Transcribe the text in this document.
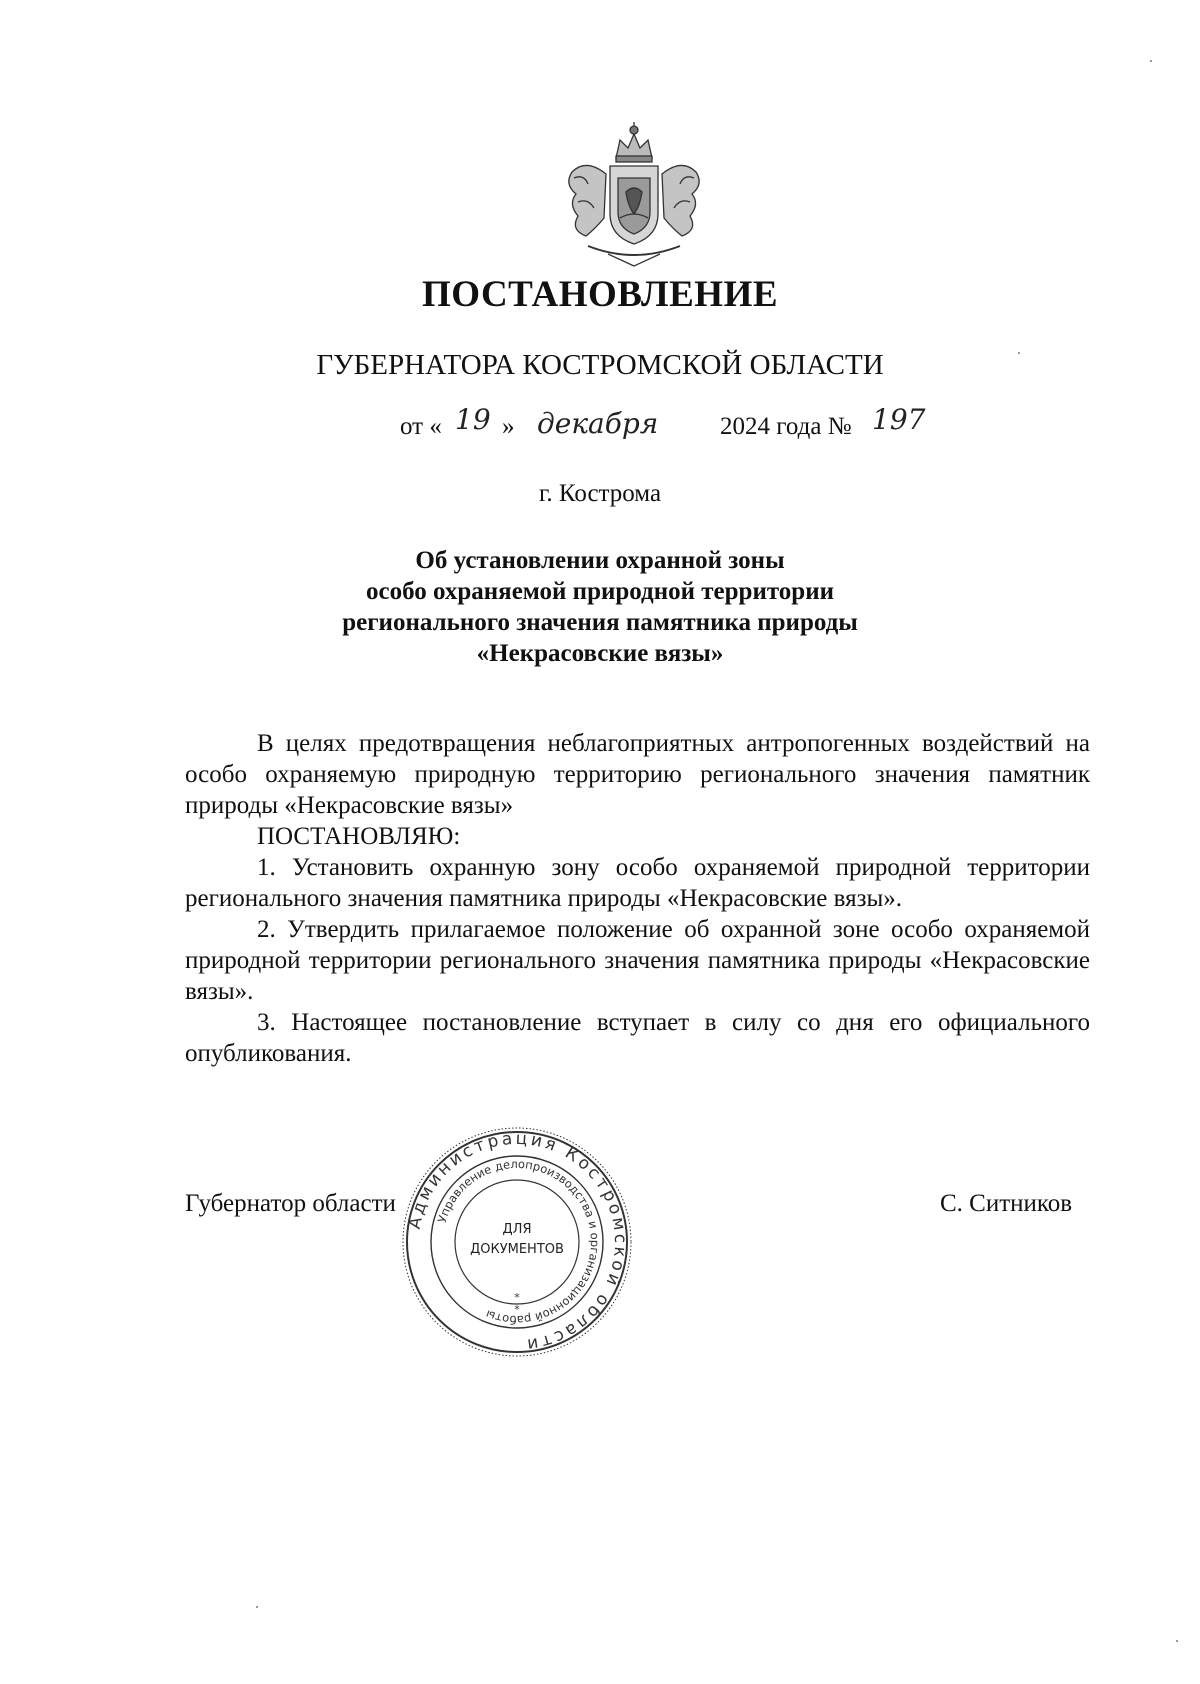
ПОСТАНОВЛЕНИЕ
ГУБЕРНАТОРА КОСТРОМСКОЙ ОБЛАСТИ
от « 19 » декабря 2024 года № 197
г. Кострома
Об установлении охранной зоны
особо охраняемой природной территории
регионального значения памятника природы
«Некрасовские вязы»

В целях предотвращения неблагоприятных антропогенных воздействий на особо охраняемую природную территорию регионального значения памятник природы «Некрасовские вязы»

ПОСТАНОВЛЯЮ:

1. Установить охранную зону особо охраняемой природной территории регионального значения памятника природы «Некрасовские вязы».

2. Утвердить прилагаемое положение об охранной зоне особо охраняемой природной территории регионального значения памятника природы «Некрасовские вязы».

3. Настоящее постановление вступает в силу со дня его официального опубликования.

Губернатор области	С. Ситников
Администрация Костромской области
Управление делопроизводства и организационной работы
ДЛЯ
ДОКУМЕНТОВ
*
*
